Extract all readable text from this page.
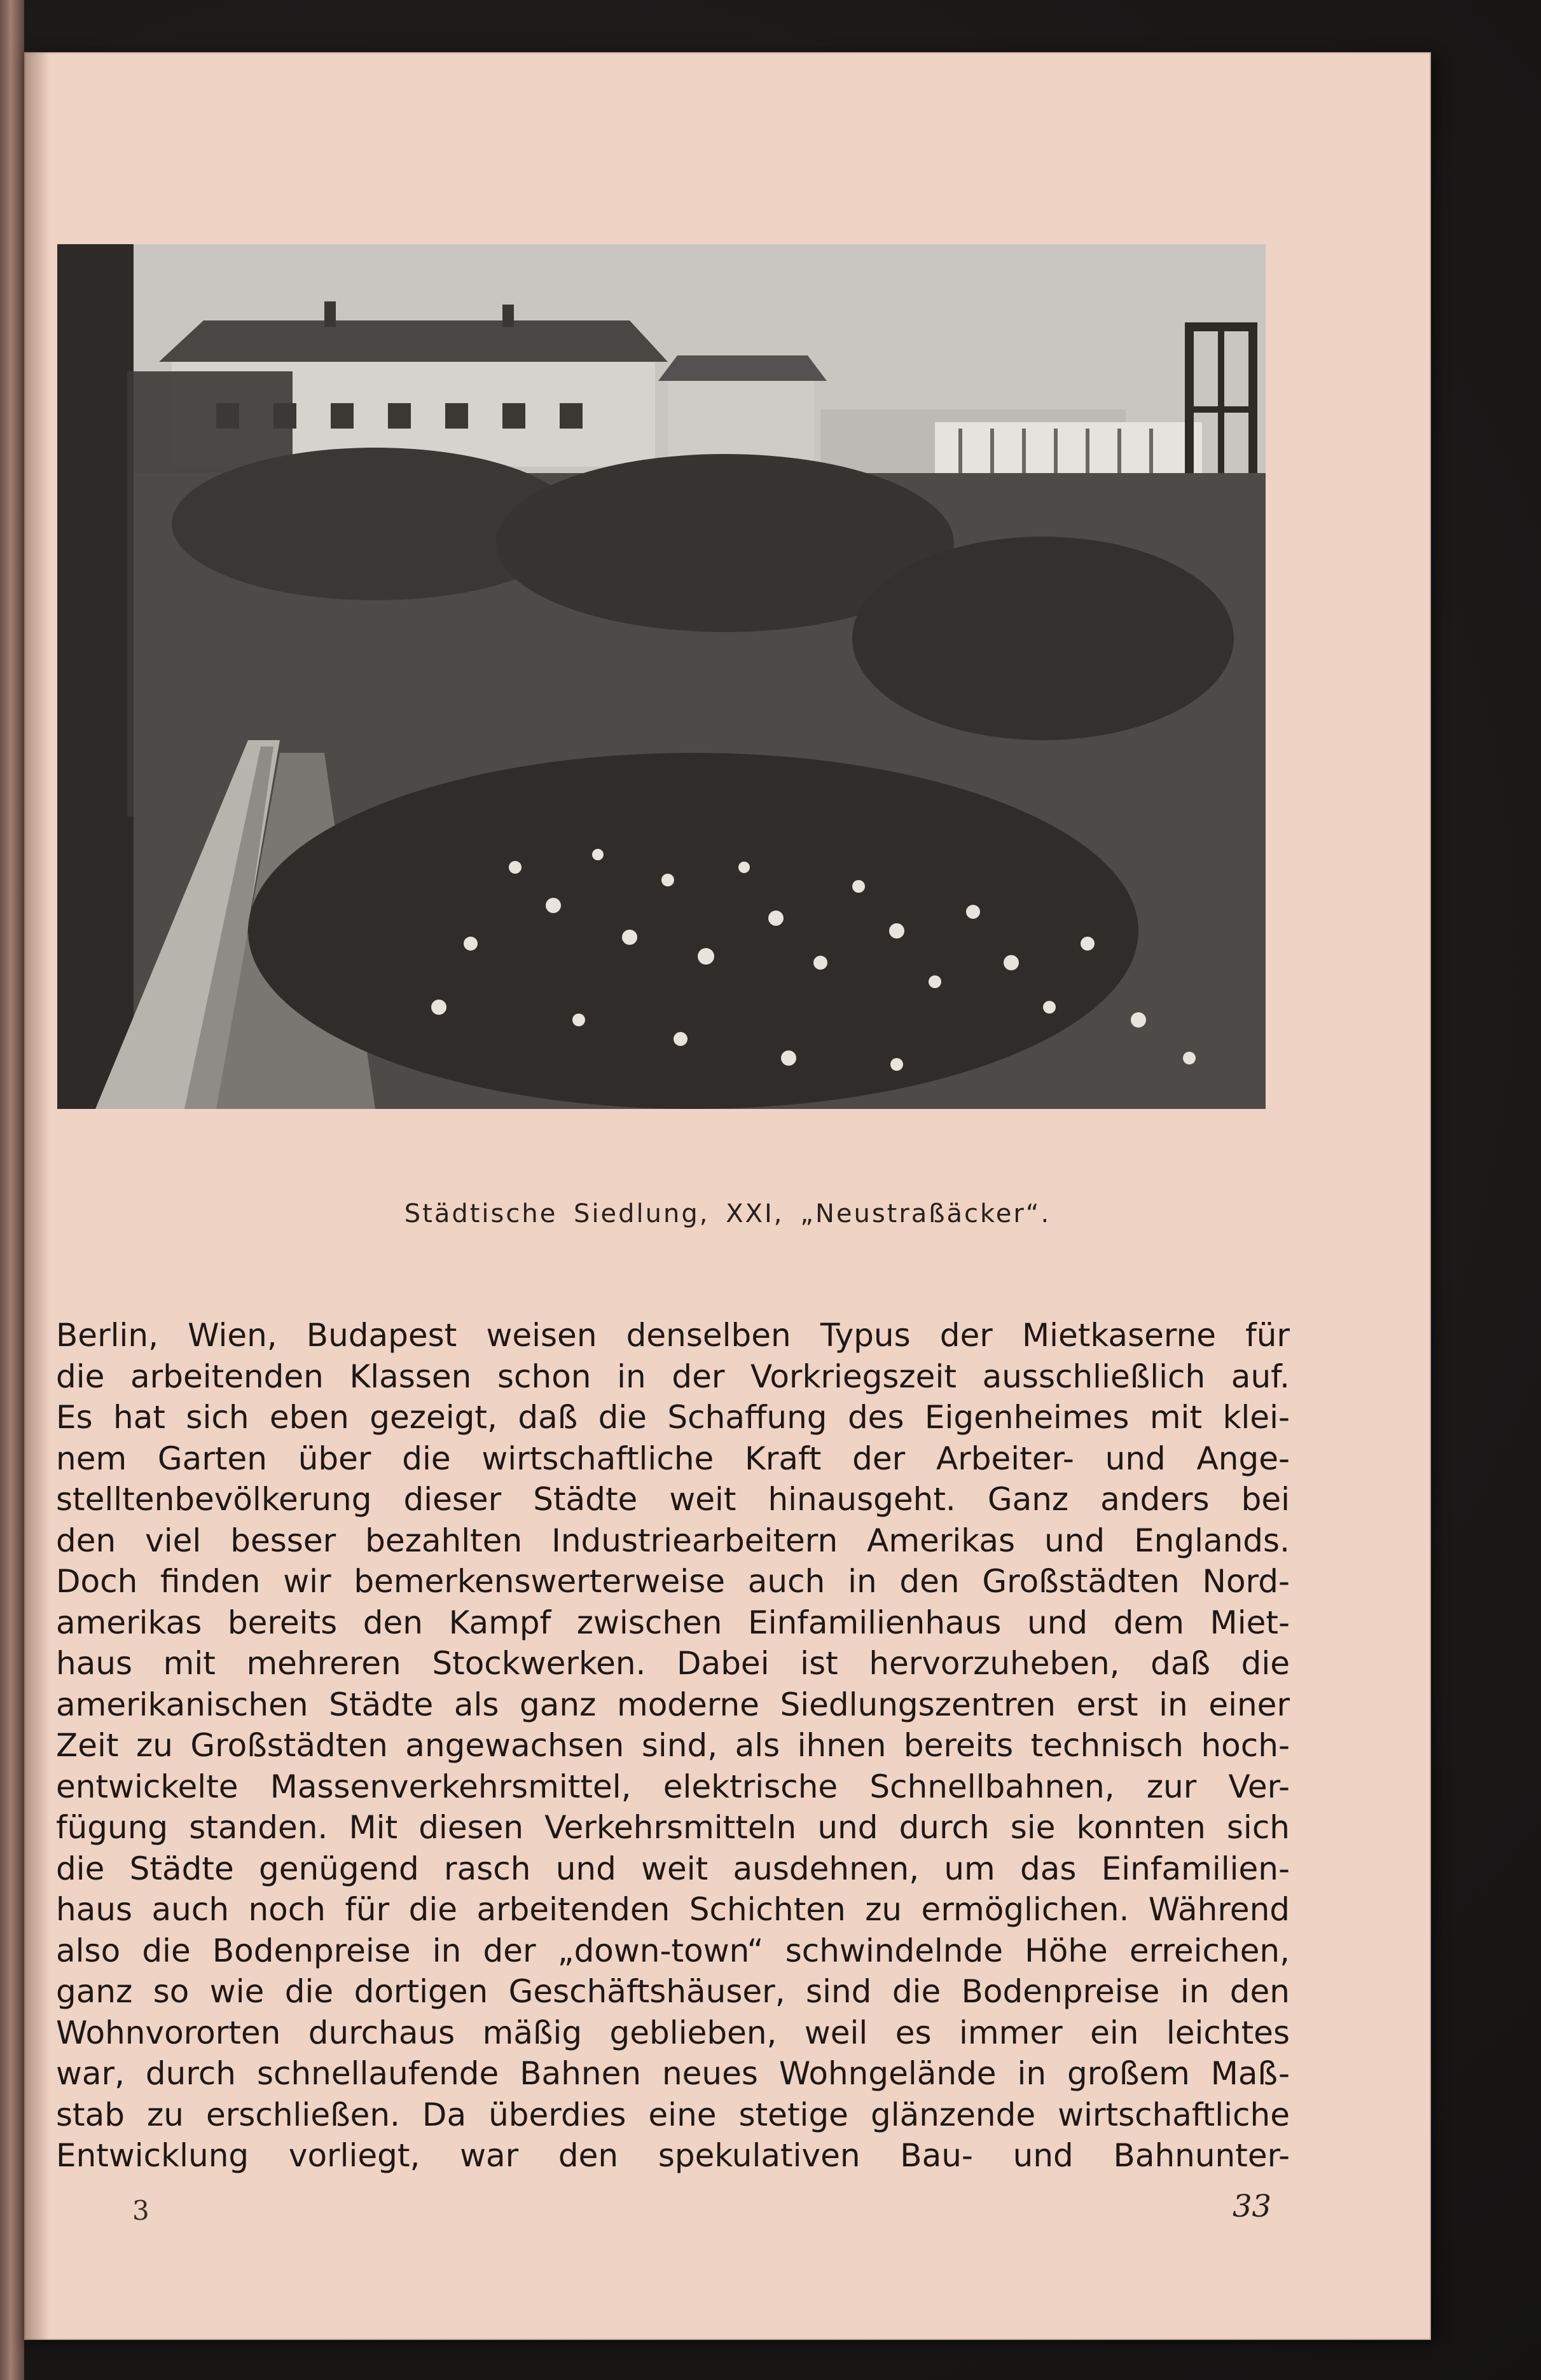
Städtische Siedlung, XXI, „Neustraßäcker“.
Berlin, Wien, Budapest weisen denselben Typus der Mietkaserne für
die arbeitenden Klassen schon in der Vorkriegszeit ausschließlich auf.
Es hat sich eben gezeigt, daß die Schaffung des Eigenheimes mit klei-
nem Garten über die wirtschaftliche Kraft der Arbeiter- und Ange-
stelltenbevölkerung dieser Städte weit hinausgeht. Ganz anders bei
den viel besser bezahlten Industriearbeitern Amerikas und Englands.
Doch finden wir bemerkenswerterweise auch in den Großstädten Nord-
amerikas bereits den Kampf zwischen Einfamilienhaus und dem Miet-
haus mit mehreren Stockwerken. Dabei ist hervorzuheben, daß die
amerikanischen Städte als ganz moderne Siedlungszentren erst in einer
Zeit zu Großstädten angewachsen sind, als ihnen bereits technisch hoch-
entwickelte Massenverkehrsmittel, elektrische Schnellbahnen, zur Ver-
fügung standen. Mit diesen Verkehrsmitteln und durch sie konnten sich
die Städte genügend rasch und weit ausdehnen, um das Einfamilien-
haus auch noch für die arbeitenden Schichten zu ermöglichen. Während
also die Bodenpreise in der „down-town“ schwindelnde Höhe erreichen,
ganz so wie die dortigen Geschäftshäuser, sind die Bodenpreise in den
Wohnvororten durchaus mäßig geblieben, weil es immer ein leichtes
war, durch schnellaufende Bahnen neues Wohngelände in großem Maß-
stab zu erschließen. Da überdies eine stetige glänzende wirtschaftliche
Entwicklung vorliegt, war den spekulativen Bau- und Bahnunter-
3	33
